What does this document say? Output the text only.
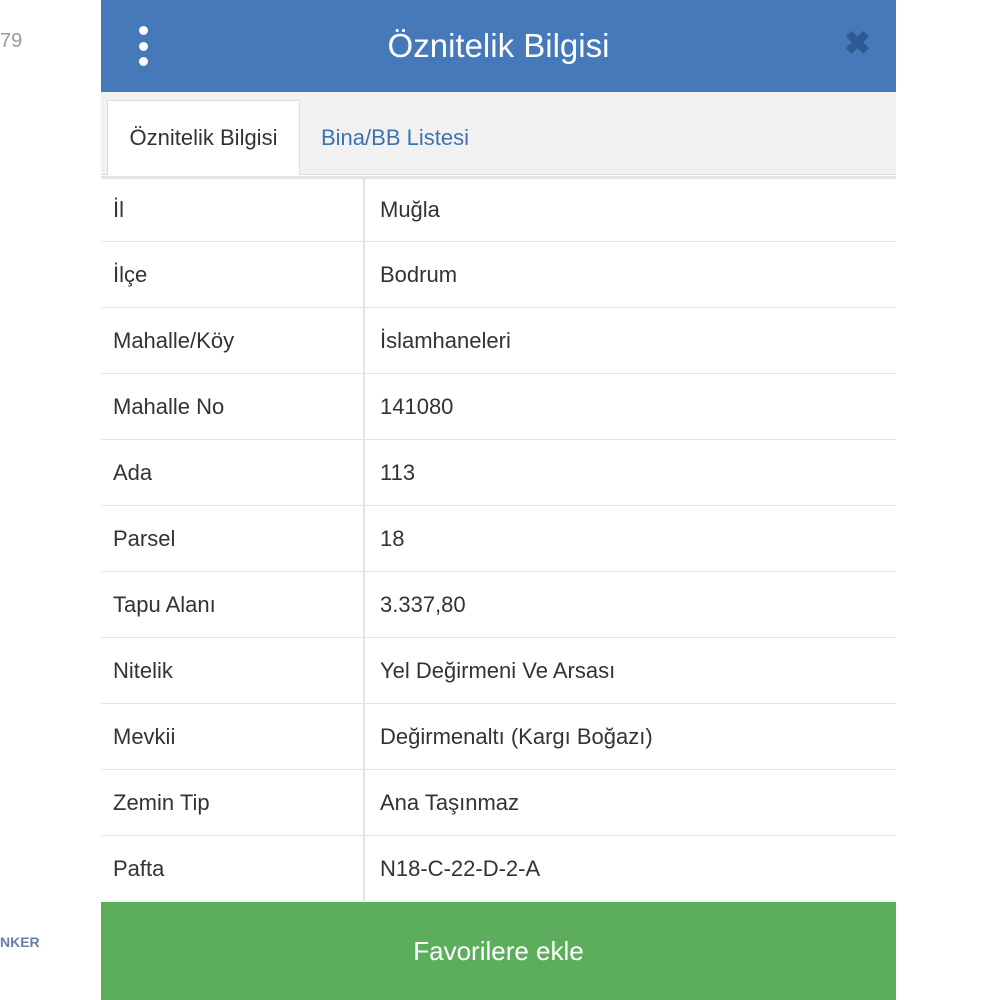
79
NKER
Öznitelik Bilgisi	✖
Öznitelik Bilgisi	Bina/BB Listesi
İl	Muğla
İlçe	Bodrum
Mahalle/Köy	İslamhaneleri
Mahalle No	141080
Ada	113
Parsel	18
Tapu Alanı	3.337,80
Nitelik	Yel Değirmeni Ve Arsası
Mevkii	Değirmenaltı (Kargı Boğazı)
Zemin Tip	Ana Taşınmaz
Pafta	N18-C-22-D-2-A
Favorilere ekle
